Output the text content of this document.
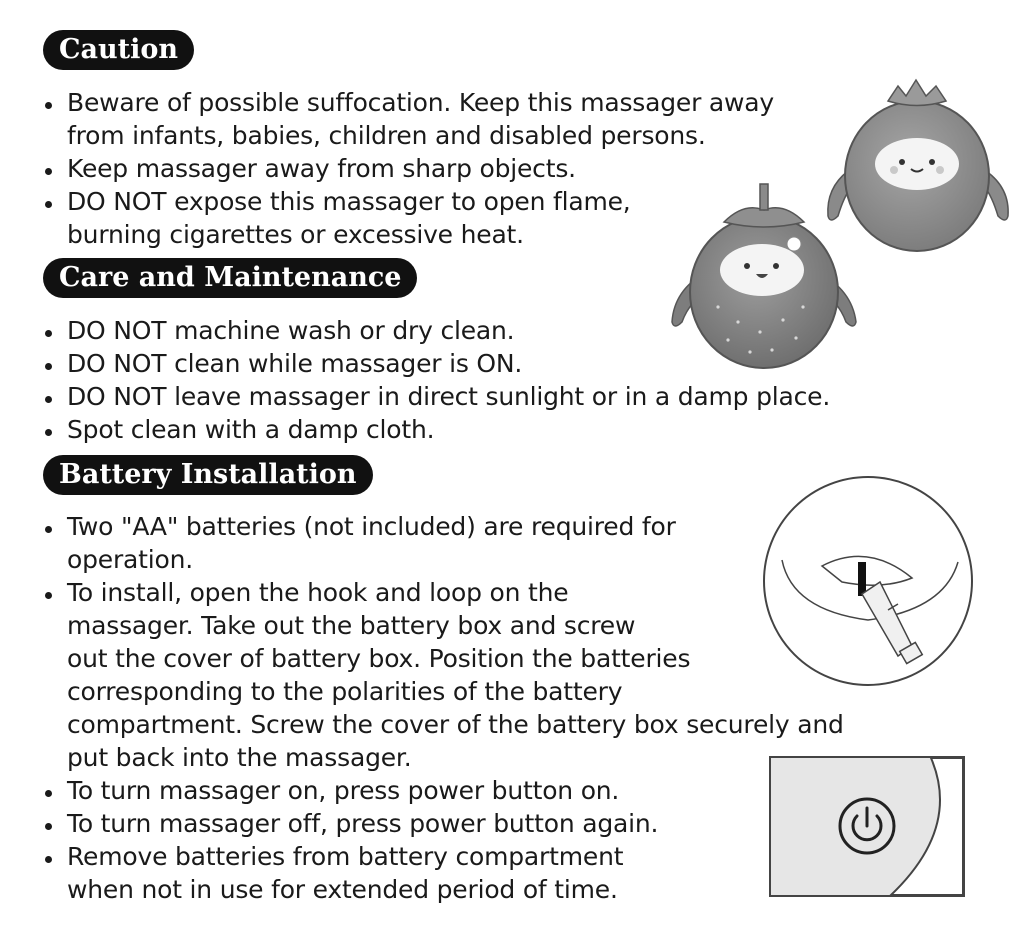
Caution
Beware of possible suffocation. Keep this massager away
from infants, babies, children and disabled persons.
Keep massager away from sharp objects.
DO NOT expose this massager to open flame,
burning cigarettes or excessive heat.
Care and Maintenance
DO NOT machine wash or dry clean.
DO NOT clean while massager is ON.
DO NOT leave massager in direct sunlight or in a damp place.
Spot clean with a damp cloth.
Battery Installation
Two "AA" batteries (not included) are required for
operation.
To install, open the hook and loop on the
massager. Take out the battery box and screw
out the cover of battery box. Position the batteries
corresponding to the polarities of the battery
compartment. Screw the cover of the battery box securely and
put back into the massager.
To turn massager on, press power button on.
To turn massager off, press power button again.
Remove batteries from battery compartment
when not in use for extended period of time.
